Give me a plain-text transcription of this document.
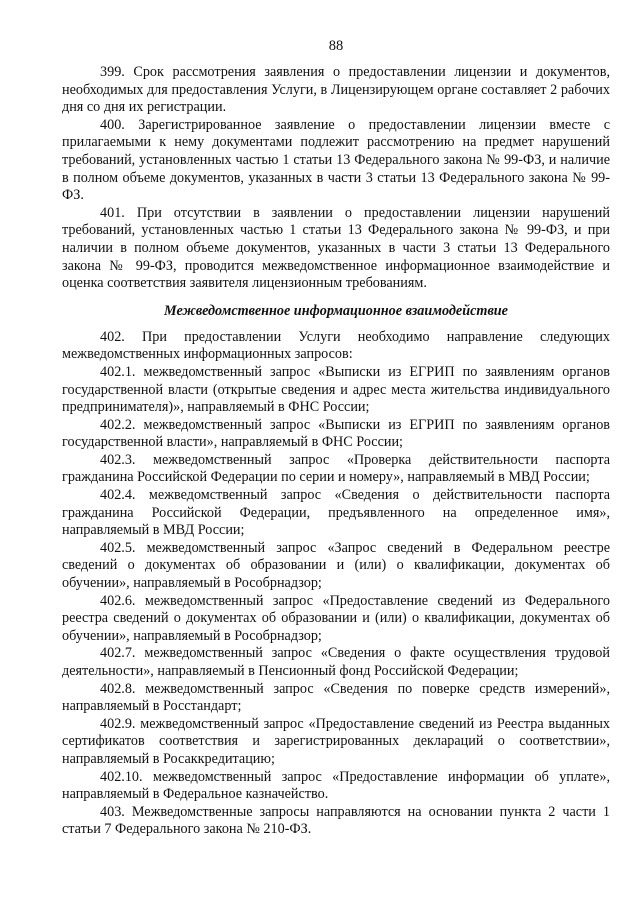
88

399. Срок рассмотрения заявления о предоставлении лицензии и документов, необходимых для предоставления Услуги, в Лицензирующем органе составляет 2 рабочих дня со дня их регистрации.

400. Зарегистрированное заявление о предоставлении лицензии вместе с прилагаемыми к нему документами подлежит рассмотрению на предмет нарушений требований, установленных частью 1 статьи 13 Федерального закона № 99-ФЗ, и наличие в полном объеме документов, указанных в части 3 статьи 13 Федерального закона № 99-ФЗ.

401. При отсутствии в заявлении о предоставлении лицензии нарушений требований, установленных частью 1 статьи 13 Федерального закона № 99-ФЗ, и при наличии в полном объеме документов, указанных в части 3 статьи 13 Федерального закона № 99-ФЗ, проводится межведомственное информационное взаимодействие и оценка соответствия заявителя лицензионным требованиям.

Межведомственное информационное взаимодействие

402. При предоставлении Услуги необходимо направление следующих межведомственных информационных запросов:

402.1. межведомственный запрос «Выписки из ЕГРИП по заявлениям органов государственной власти (открытые сведения и адрес места жительства индивидуального предпринимателя)», направляемый в ФНС России;

402.2. межведомственный запрос «Выписки из ЕГРИП по заявлениям органов государственной власти», направляемый в ФНС России;

402.3. межведомственный запрос «Проверка действительности паспорта гражданина Российской Федерации по серии и номеру», направляемый в МВД России;

402.4. межведомственный запрос «Сведения о действительности паспорта гражданина Российской Федерации, предъявленного на определенное имя», направляемый в МВД России;

402.5. межведомственный запрос «Запрос сведений в Федеральном реестре сведений о документах об образовании и (или) о квалификации, документах об обучении», направляемый в Рособрнадзор;

402.6. межведомственный запрос «Предоставление сведений из Федерального реестра сведений о документах об образовании и (или) о квалификации, документах об обучении», направляемый в Рособрнадзор;

402.7. межведомственный запрос «Сведения о факте осуществления трудовой деятельности», направляемый в Пенсионный фонд Российской Федерации;

402.8. межведомственный запрос «Сведения по поверке средств измерений», направляемый в Росстандарт;

402.9. межведомственный запрос «Предоставление сведений из Реестра выданных сертификатов соответствия и зарегистрированных деклараций о соответствии», направляемый в Росаккредитацию;

402.10. межведомственный запрос «Предоставление информации об уплате», направляемый в Федеральное казначейство.

403. Межведомственные запросы направляются на основании пункта 2 части 1 статьи 7 Федерального закона № 210-ФЗ.
